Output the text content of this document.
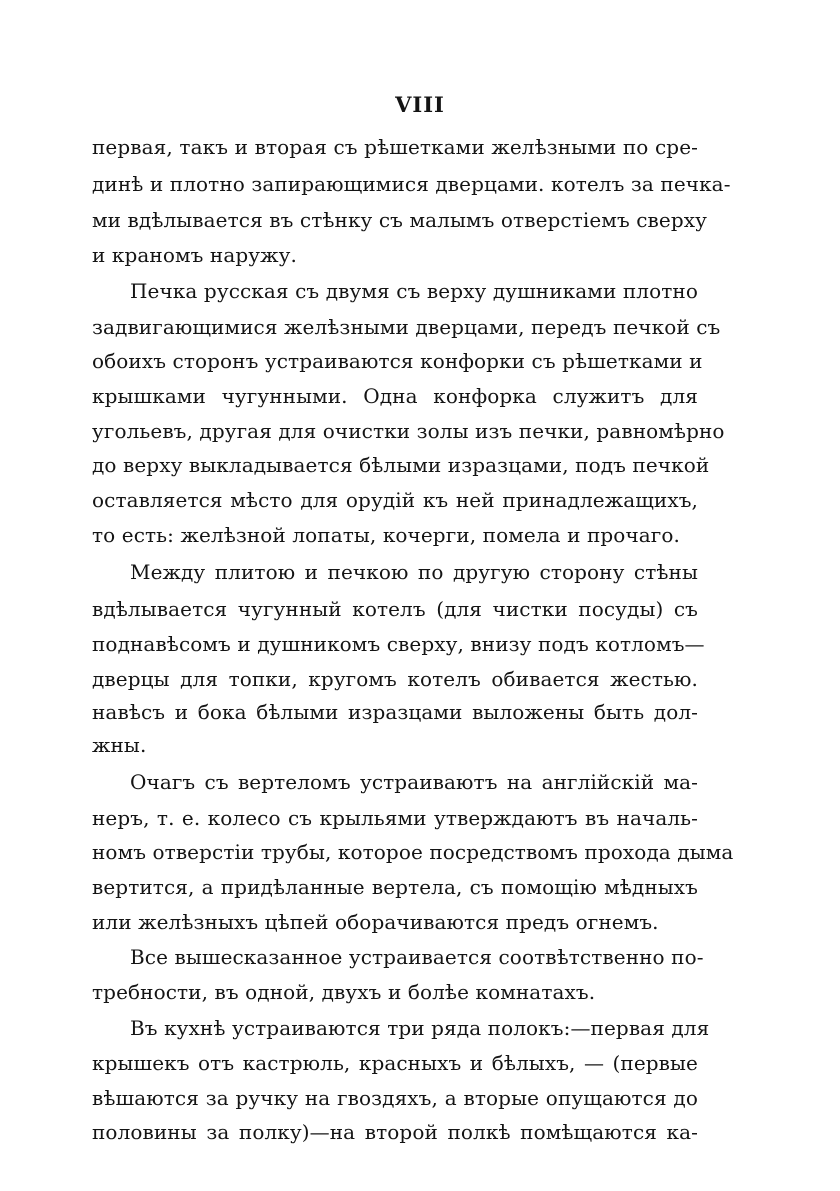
VIII
первая, такъ и вторая съ рѣшетками желѣзными по сре-
динѣ и плотно запирающимися дверцами. котелъ за печка-
ми вдѣлывается въ стѣнку съ малымъ отверстіемъ сверху
и краномъ наружу.
Печка русская съ двумя съ верху душниками плотно
задвигающимися желѣзными дверцами, передъ печкой съ
обоихъ сторонъ устраиваются конфорки съ рѣшетками и
крышками чугунными. Одна конфорка служитъ для
угольевъ, другая для очистки золы изъ печки, равномѣрно
до верху выкладывается бѣлыми изразцами, подъ печкой
оставляется мѣсто для орудій къ ней принадлежащихъ,
то есть: желѣзной лопаты, кочерги, помела и прочаго.
Между плитою и печкою по другую сторону стѣны
вдѣлывается чугунный котелъ (для чистки посуды) съ
поднавѣсомъ и душникомъ сверху, внизу подъ котломъ—
дверцы для топки, кругомъ котелъ обивается жестью.
навѣсъ и бока бѣлыми изразцами выложены быть дол-
жны.
Очагъ съ вертеломъ устраиваютъ на англійскій ма-
неръ, т. е. колесо съ крыльями утверждаютъ въ началь-
номъ отверстіи трубы, которое посредствомъ прохода дыма
вертится, а придѣланные вертела, съ помощію мѣдныхъ
или желѣзныхъ цѣпей оборачиваются предъ огнемъ.
Все вышесказанное устраивается соотвѣтственно по-
требности, въ одной, двухъ и болѣе комнатахъ.
Въ кухнѣ устраиваются три ряда полокъ:—первая для
крышекъ отъ кастрюль, красныхъ и бѣлыхъ, — (первые
вѣшаются за ручку на гвоздяхъ, а вторые опущаются до
половины за полку)—на второй полкѣ помѣщаются ка-
